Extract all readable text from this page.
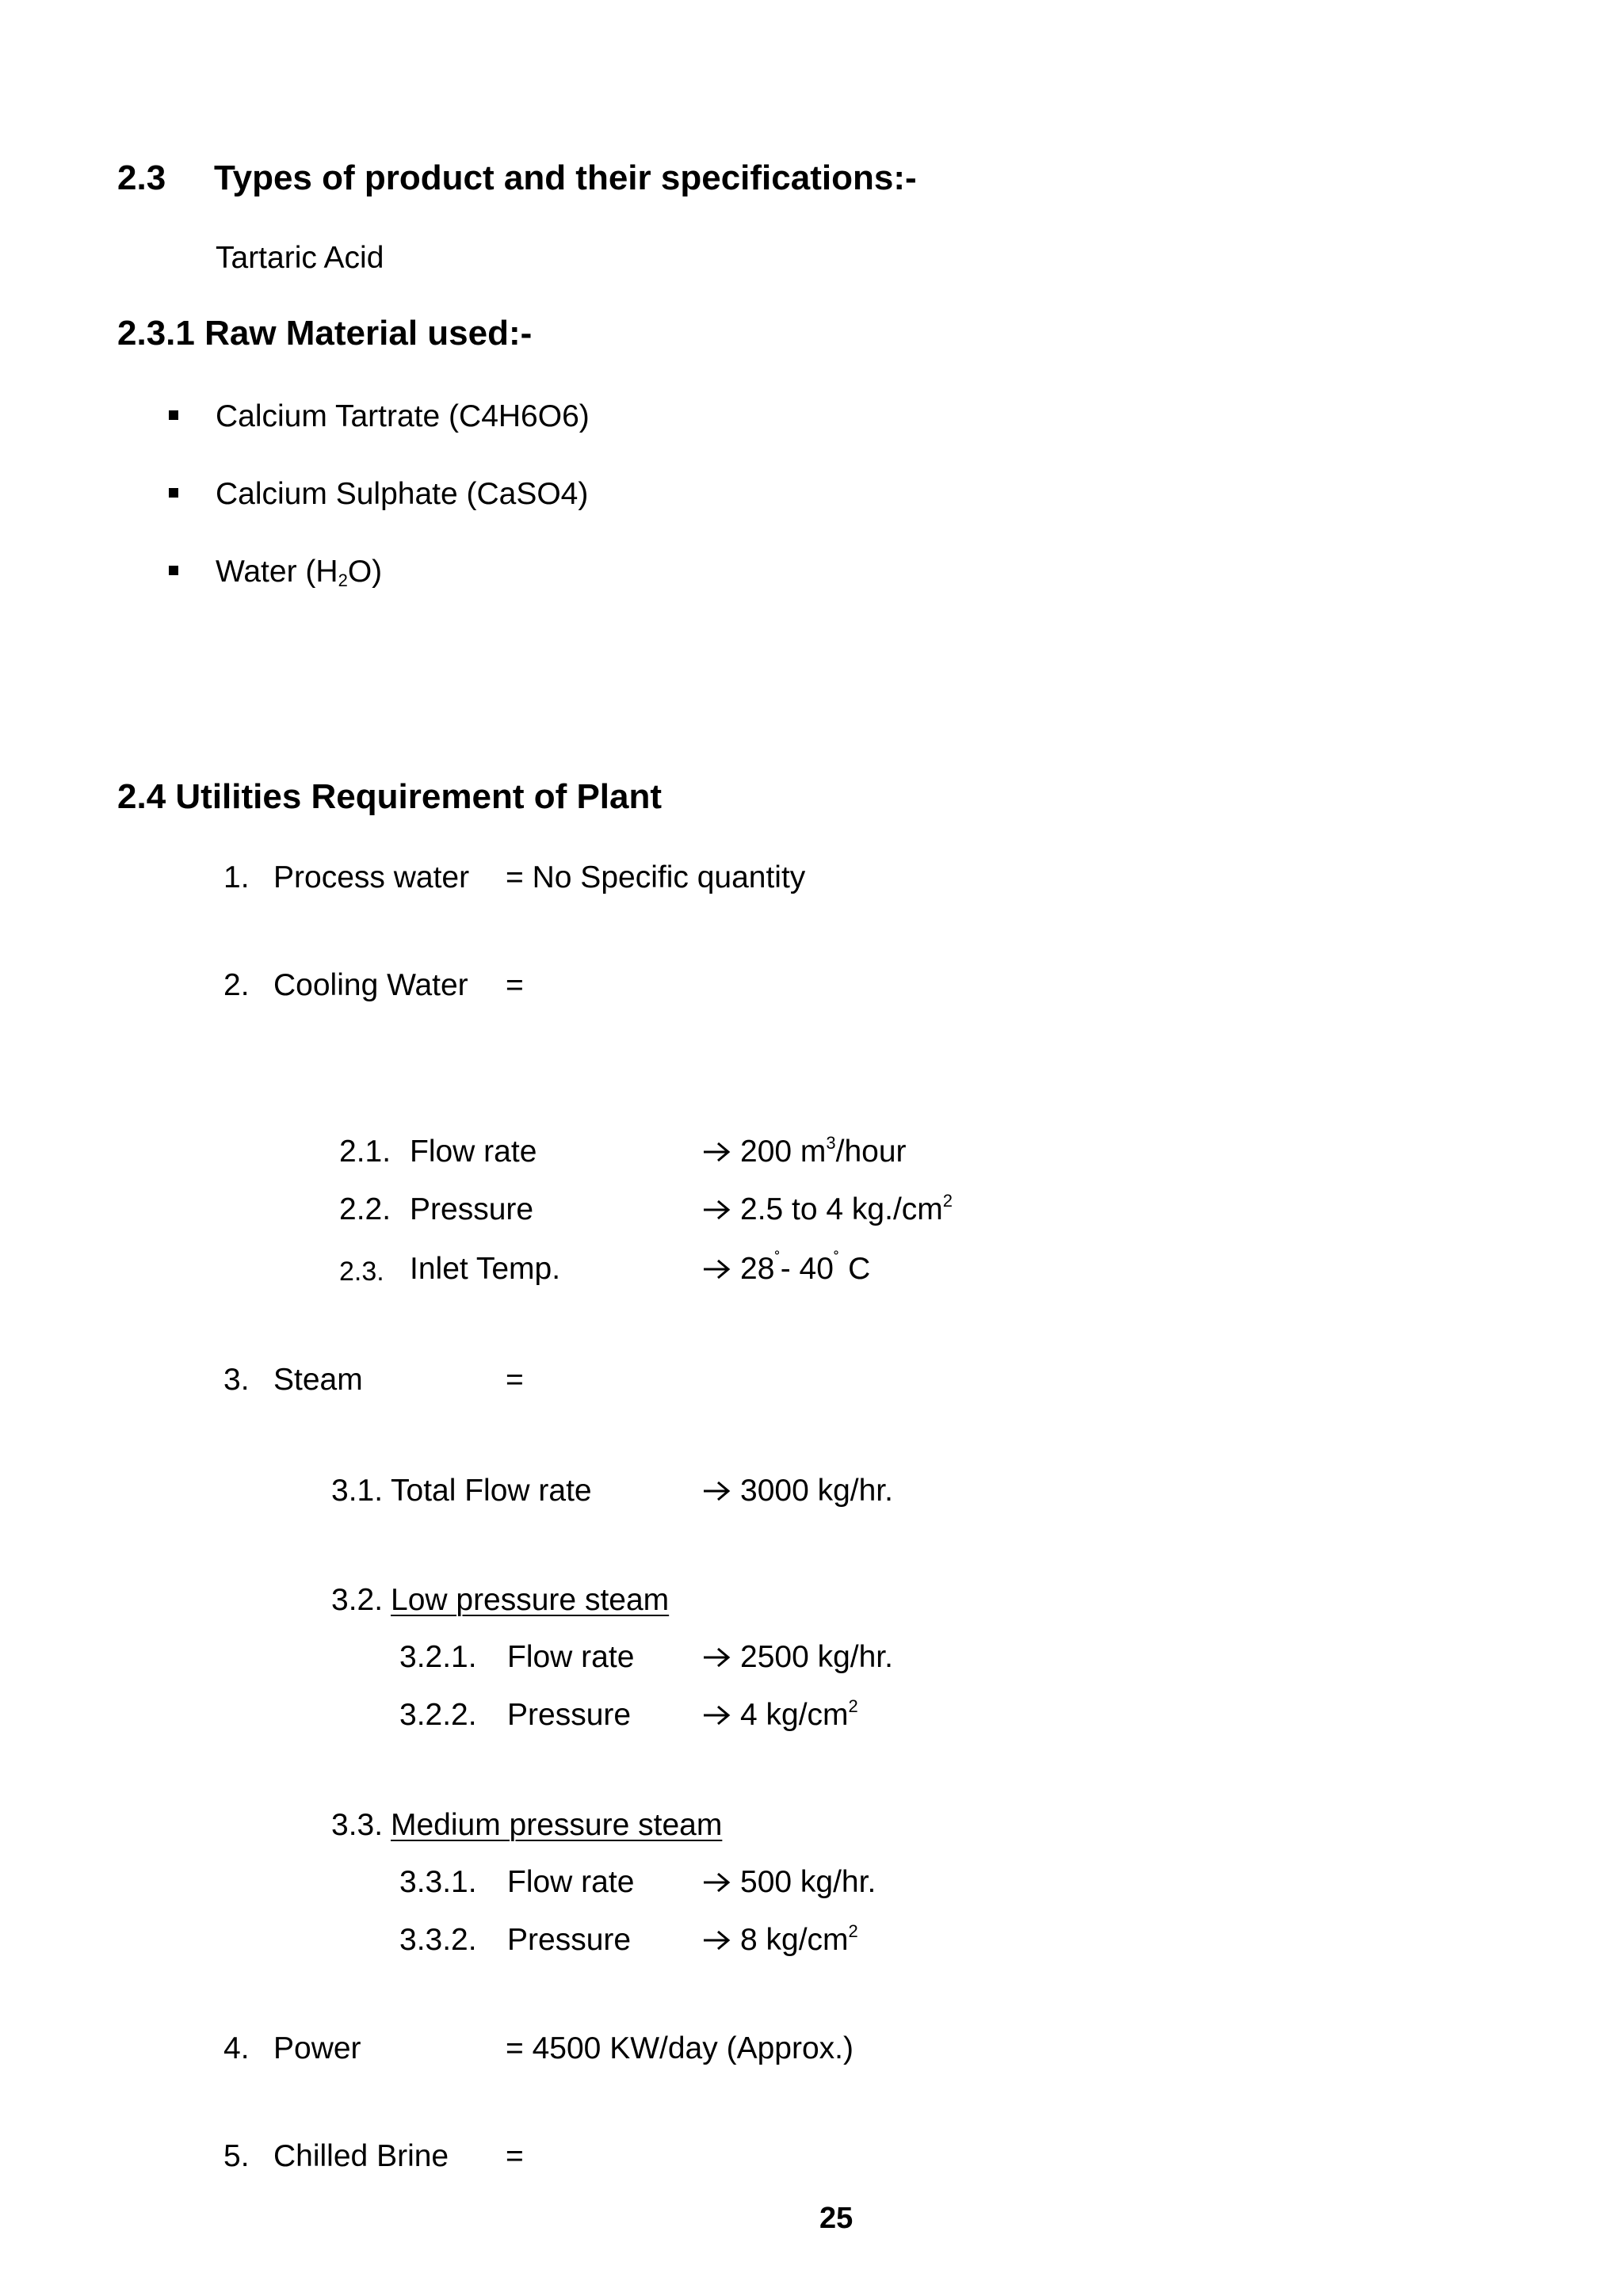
2.3 Types of product and their specifications:-
Tartaric Acid
2.3.1 Raw Material used:-
Calcium Tartrate (C4H6O6)
Calcium Sulphate (CaSO4)
Water $(H_2O)$
2.4 Utilities Requirement of Plant
1. Process water = No Specific quantity
2. Cooling Water =
2.1. Flow rate	200 $m^3$/hour
2.2. Pressure	2.5 to 4 $kg./cm^2$
2.3. Inlet Temp.	28˚- 40˚ C
3. Steam	=
3.1. Total Flow rate	3000 kg/hr.
3.2. Low pressure steam
3.2.1. Flow rate	2500 kg/hr.
3.2.2. Pressure	4 $kg/cm^2$
3.3. Medium pressure steam
3.3.1. Flow rate	500 kg/hr.
3.3.2. Pressure	8 $kg/cm^2$
4. Power	= 4500 KW/day (Approx.)
5. Chilled Brine =
25
